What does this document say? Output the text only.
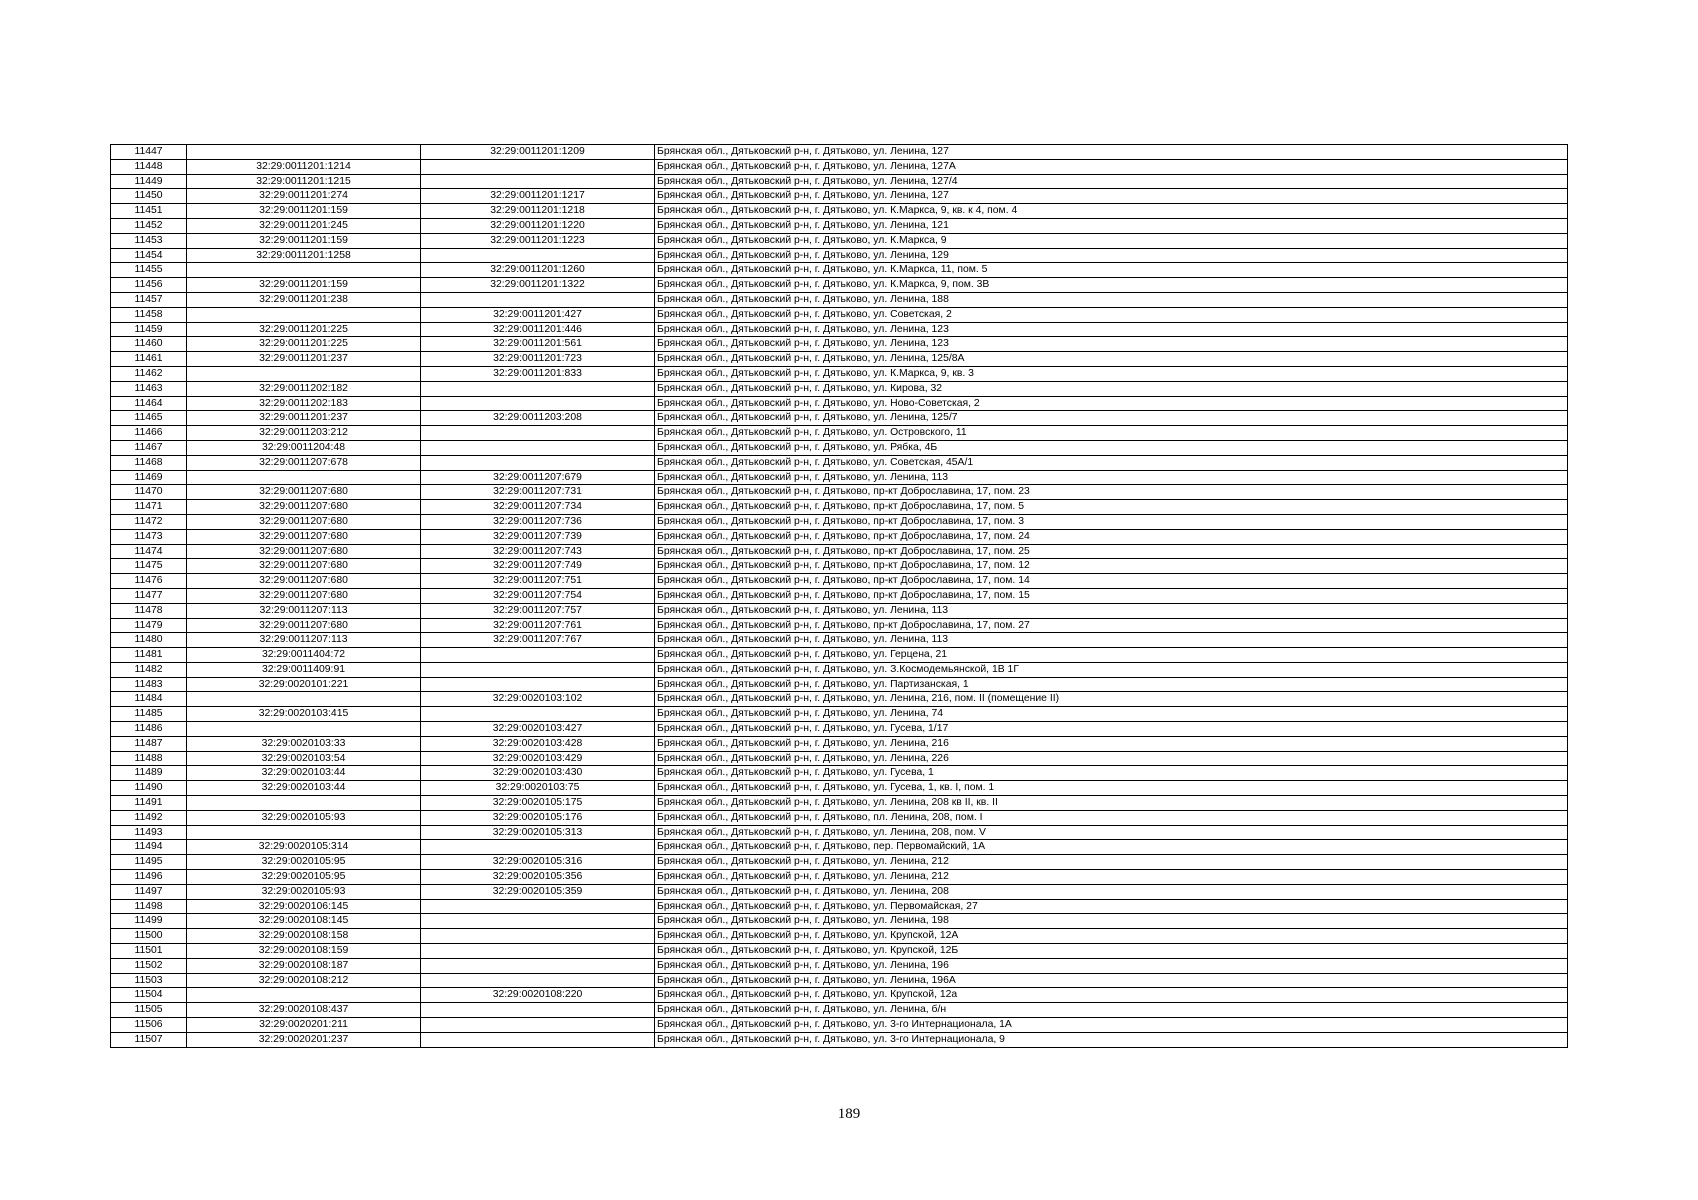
11447		32:29:0011201:1209	Брянская обл., Дятьковский р-н, г. Дятьково, ул. Ленина, 127
11448	32:29:0011201:1214		Брянская обл., Дятьковский р-н, г. Дятьково, ул. Ленина, 127А
11449	32:29:0011201:1215		Брянская обл., Дятьковский р-н, г. Дятьково, ул. Ленина, 127/4
11450	32:29:0011201:274	32:29:0011201:1217	Брянская обл., Дятьковский р-н, г. Дятьково, ул. Ленина, 127
11451	32:29:0011201:159	32:29:0011201:1218	Брянская обл., Дятьковский р-н, г. Дятьково, ул. К.Маркса, 9, кв. к 4, пом. 4
11452	32:29:0011201:245	32:29:0011201:1220	Брянская обл., Дятьковский р-н, г. Дятьково, ул. Ленина, 121
11453	32:29:0011201:159	32:29:0011201:1223	Брянская обл., Дятьковский р-н, г. Дятьково, ул. К.Маркса, 9
11454	32:29:0011201:1258		Брянская обл., Дятьковский р-н, г. Дятьково, ул. Ленина, 129
11455		32:29:0011201:1260	Брянская обл., Дятьковский р-н, г. Дятьково, ул. К.Маркса, 11, пом. 5
11456	32:29:0011201:159	32:29:0011201:1322	Брянская обл., Дятьковский р-н, г. Дятьково, ул. К.Маркса, 9, пом. 3В
11457	32:29:0011201:238		Брянская обл., Дятьковский р-н, г. Дятьково, ул. Ленина, 188
11458		32:29:0011201:427	Брянская обл., Дятьковский р-н, г. Дятьково, ул. Советская, 2
11459	32:29:0011201:225	32:29:0011201:446	Брянская обл., Дятьковский р-н, г. Дятьково, ул. Ленина, 123
11460	32:29:0011201:225	32:29:0011201:561	Брянская обл., Дятьковский р-н, г. Дятьково, ул. Ленина, 123
11461	32:29:0011201:237	32:29:0011201:723	Брянская обл., Дятьковский р-н, г. Дятьково, ул. Ленина, 125/8А
11462		32:29:0011201:833	Брянская обл., Дятьковский р-н, г. Дятьково, ул. К.Маркса, 9, кв. 3
11463	32:29:0011202:182		Брянская обл., Дятьковский р-н, г. Дятьково, ул. Кирова, 32
11464	32:29:0011202:183		Брянская обл., Дятьковский р-н, г. Дятьково, ул. Ново-Советская, 2
11465	32:29:0011201:237	32:29:0011203:208	Брянская обл., Дятьковский р-н, г. Дятьково, ул. Ленина, 125/7
11466	32:29:0011203:212		Брянская обл., Дятьковский р-н, г. Дятьково, ул. Островского, 11
11467	32:29:0011204:48		Брянская обл., Дятьковский р-н, г. Дятьково, ул. Рябка, 4Б
11468	32:29:0011207:678		Брянская обл., Дятьковский р-н, г. Дятьково, ул. Советская, 45А/1
11469		32:29:0011207:679	Брянская обл., Дятьковский р-н, г. Дятьково, ул. Ленина, 113
11470	32:29:0011207:680	32:29:0011207:731	Брянская обл., Дятьковский р-н, г. Дятьково, пр-кт Доброславина, 17, пом. 23
11471	32:29:0011207:680	32:29:0011207:734	Брянская обл., Дятьковский р-н, г. Дятьково, пр-кт Доброславина, 17, пом. 5
11472	32:29:0011207:680	32:29:0011207:736	Брянская обл., Дятьковский р-н, г. Дятьково, пр-кт Доброславина, 17, пом. 3
11473	32:29:0011207:680	32:29:0011207:739	Брянская обл., Дятьковский р-н, г. Дятьково, пр-кт Доброславина, 17, пом. 24
11474	32:29:0011207:680	32:29:0011207:743	Брянская обл., Дятьковский р-н, г. Дятьково, пр-кт Доброславина, 17, пом. 25
11475	32:29:0011207:680	32:29:0011207:749	Брянская обл., Дятьковский р-н, г. Дятьково, пр-кт Доброславина, 17, пом. 12
11476	32:29:0011207:680	32:29:0011207:751	Брянская обл., Дятьковский р-н, г. Дятьково, пр-кт Доброславина, 17, пом. 14
11477	32:29:0011207:680	32:29:0011207:754	Брянская обл., Дятьковский р-н, г. Дятьково, пр-кт Доброславина, 17, пом. 15
11478	32:29:0011207:113	32:29:0011207:757	Брянская обл., Дятьковский р-н, г. Дятьково, ул. Ленина, 113
11479	32:29:0011207:680	32:29:0011207:761	Брянская обл., Дятьковский р-н, г. Дятьково, пр-кт Доброславина, 17, пом. 27
11480	32:29:0011207:113	32:29:0011207:767	Брянская обл., Дятьковский р-н, г. Дятьково, ул. Ленина, 113
11481	32:29:0011404:72		Брянская обл., Дятьковский р-н, г. Дятьково, ул. Герцена, 21
11482	32:29:0011409:91		Брянская обл., Дятьковский р-н, г. Дятьково, ул. З.Космодемьянской, 1В 1Г
11483	32:29:0020101:221		Брянская обл., Дятьковский р-н, г. Дятьково, ул. Партизанская, 1
11484		32:29:0020103:102	Брянская обл., Дятьковский р-н, г. Дятьково, ул. Ленина, 216, пом. II (помещение II)
11485	32:29:0020103:415		Брянская обл., Дятьковский р-н, г. Дятьково, ул. Ленина, 74
11486		32:29:0020103:427	Брянская обл., Дятьковский р-н, г. Дятьково, ул. Гусева, 1/17
11487	32:29:0020103:33	32:29:0020103:428	Брянская обл., Дятьковский р-н, г. Дятьково, ул. Ленина, 216
11488	32:29:0020103:54	32:29:0020103:429	Брянская обл., Дятьковский р-н, г. Дятьково, ул. Ленина, 226
11489	32:29:0020103:44	32:29:0020103:430	Брянская обл., Дятьковский р-н, г. Дятьково, ул. Гусева, 1
11490	32:29:0020103:44	32:29:0020103:75	Брянская обл., Дятьковский р-н, г. Дятьково, ул. Гусева, 1, кв. I, пом. 1
11491		32:29:0020105:175	Брянская обл., Дятьковский р-н, г. Дятьково, ул. Ленина, 208 кв II, кв. II
11492	32:29:0020105:93	32:29:0020105:176	Брянская обл., Дятьковский р-н, г. Дятьково, пл. Ленина, 208, пом. I
11493		32:29:0020105:313	Брянская обл., Дятьковский р-н, г. Дятьково, ул. Ленина, 208, пом. V
11494	32:29:0020105:314		Брянская обл., Дятьковский р-н, г. Дятьково, пер. Первомайский, 1А
11495	32:29:0020105:95	32:29:0020105:316	Брянская обл., Дятьковский р-н, г. Дятьково, ул. Ленина, 212
11496	32:29:0020105:95	32:29:0020105:356	Брянская обл., Дятьковский р-н, г. Дятьково, ул. Ленина, 212
11497	32:29:0020105:93	32:29:0020105:359	Брянская обл., Дятьковский р-н, г. Дятьково, ул. Ленина, 208
11498	32:29:0020106:145		Брянская обл., Дятьковский р-н, г. Дятьково, ул. Первомайская, 27
11499	32:29:0020108:145		Брянская обл., Дятьковский р-н, г. Дятьково, ул. Ленина, 198
11500	32:29:0020108:158		Брянская обл., Дятьковский р-н, г. Дятьково, ул. Крупской, 12А
11501	32:29:0020108:159		Брянская обл., Дятьковский р-н, г. Дятьково, ул. Крупской, 12Б
11502	32:29:0020108:187		Брянская обл., Дятьковский р-н, г. Дятьково, ул. Ленина, 196
11503	32:29:0020108:212		Брянская обл., Дятьковский р-н, г. Дятьково, ул. Ленина, 196А
11504		32:29:0020108:220	Брянская обл., Дятьковский р-н, г. Дятьково, ул. Крупской, 12а
11505	32:29:0020108:437		Брянская обл., Дятьковский р-н, г. Дятьково, ул. Ленина, б/н
11506	32:29:0020201:211		Брянская обл., Дятьковский р-н, г. Дятьково, ул. 3-го Интернационала, 1А
11507	32:29:0020201:237		Брянская обл., Дятьковский р-н, г. Дятьково, ул. 3-го Интернационала, 9
189
